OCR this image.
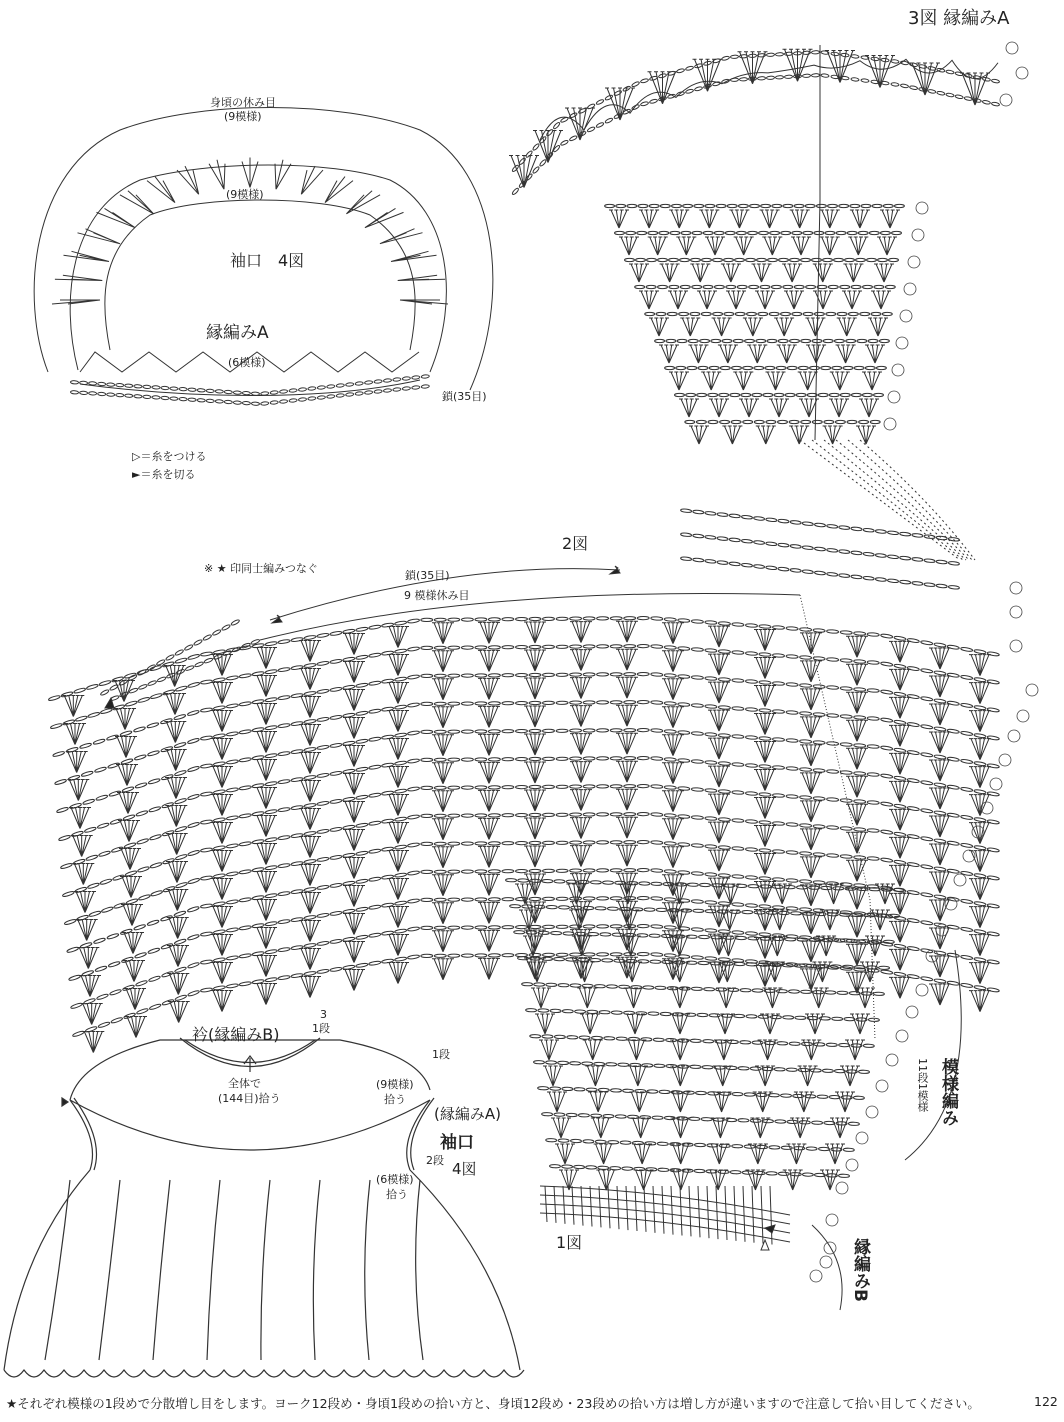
3図 縁編みA
身頃の休み目
(9模様)
(9模様)
袖口　4図
縁編みA
(6模様)
鎖(35目)
▷＝糸をつける
►＝糸を切る
2図
※ ★ 印同士編みつなぐ
鎖(35目)
9 模様休み目
1図
模様編み
11段1模様
縁編みB
衿(縁編みB)	1段
3
全体で
(144目)拾う
1段
(9模様)
拾う
(縁編みA)
袖口
2段 4図
(6模様)
拾う
★それぞれ模様の1段めで分散増し目をします。ヨーク12段め・身頃1段めの拾い方と、身頃12段め・23段めの拾い方は増し方が違いますので注意して拾い目してください。	122
